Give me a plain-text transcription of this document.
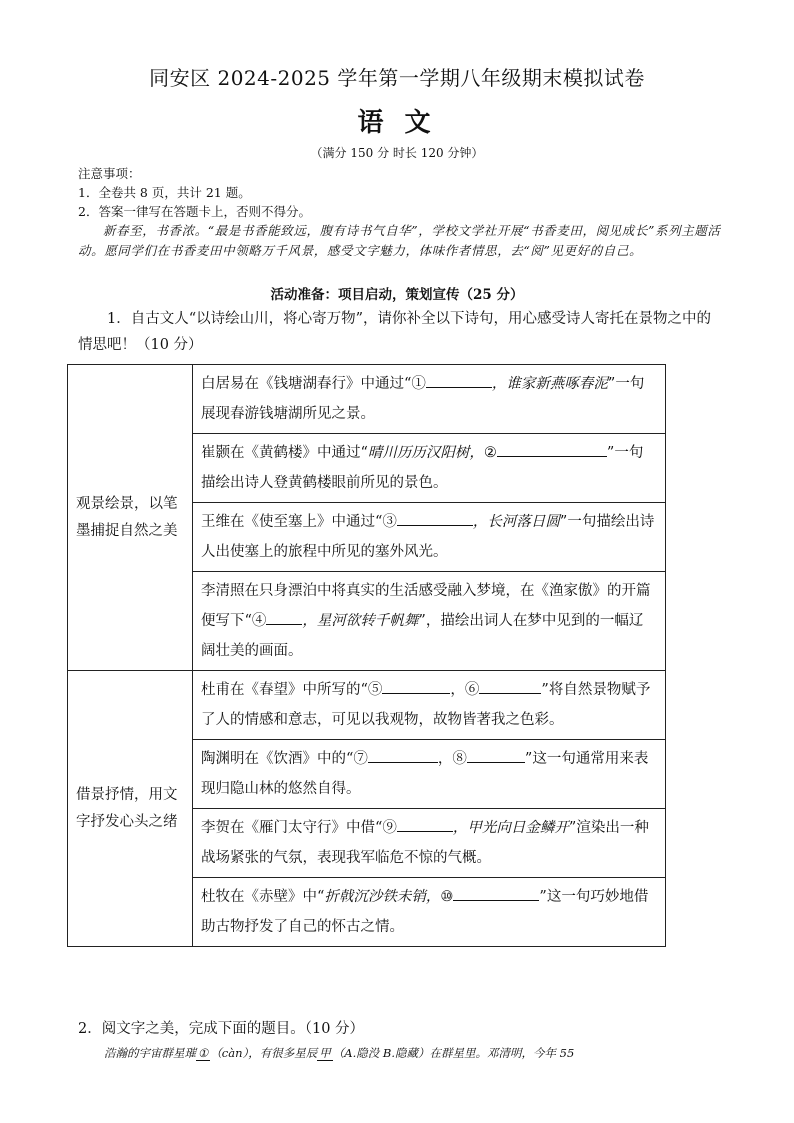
同安区 2024-2025 学年第一学期八年级期末模拟试卷
语 文
（满分 150 分 时长 120 分钟）
注意事项：
1．全卷共 8 页，共计 21 题。
2．答案一律写在答题卡上，否则不得分。
新春至，书香浓。“最是书香能致远，腹有诗书气自华”，学校文学社开展“书香麦田，阅见成长”系列主题活动。愿同学们在书香麦田中领略万千风景，感受文字魅力，体味作者情思，去“阅”见更好的自己。
活动准备：项目启动，策划宣传（25 分）
1．自古文人“以诗绘山川，将心寄万物”，请你补全以下诗句，用心感受诗人寄托在景物之中的情思吧！（10 分）
观景绘景，以笔墨捕捉自然之美	白居易在《钱塘湖春行》中通过“① ，谁家新燕啄春泥”一句展现春游钱塘湖所见之景。
	崔颢在《黄鹤楼》中通过“晴川历历汉阳树，② ”一句描绘出诗人登黄鹤楼眼前所见的景色。
	王维在《使至塞上》中通过“③ ，长河落日圆”一句描绘出诗人出使塞上的旅程中所见的塞外风光。
	李清照在只身漂泊中将真实的生活感受融入梦境，在《渔家傲》的开篇便写下“④ ，星河欲转千帆舞”，描绘出词人在梦中见到的一幅辽阔壮美的画面。
借景抒情，用文字抒发心头之绪	杜甫在《春望》中所写的“⑤ ，⑥ ”将自然景物赋予了人的情感和意志，可见以我观物，故物皆著我之色彩。
	陶渊明在《饮酒》中的“⑦ ，⑧ ”这一句通常用来表现归隐山林的悠然自得。
	李贺在《雁门太守行》中借“⑨ ，甲光向日金鳞开”渲染出一种战场紧张的气氛，表现我军临危不惊的气概。
	杜牧在《赤壁》中“折戟沉沙铁未销，⑩ ”这一句巧妙地借助古物抒发了自己的怀古之情。
2．阅文字之美，完成下面的题目。（10 分）
浩瀚的宇宙群星璀 ① （càn），有很多星辰 甲 （A.隐没 B.隐藏）在群星里。邓清明，今年 55
